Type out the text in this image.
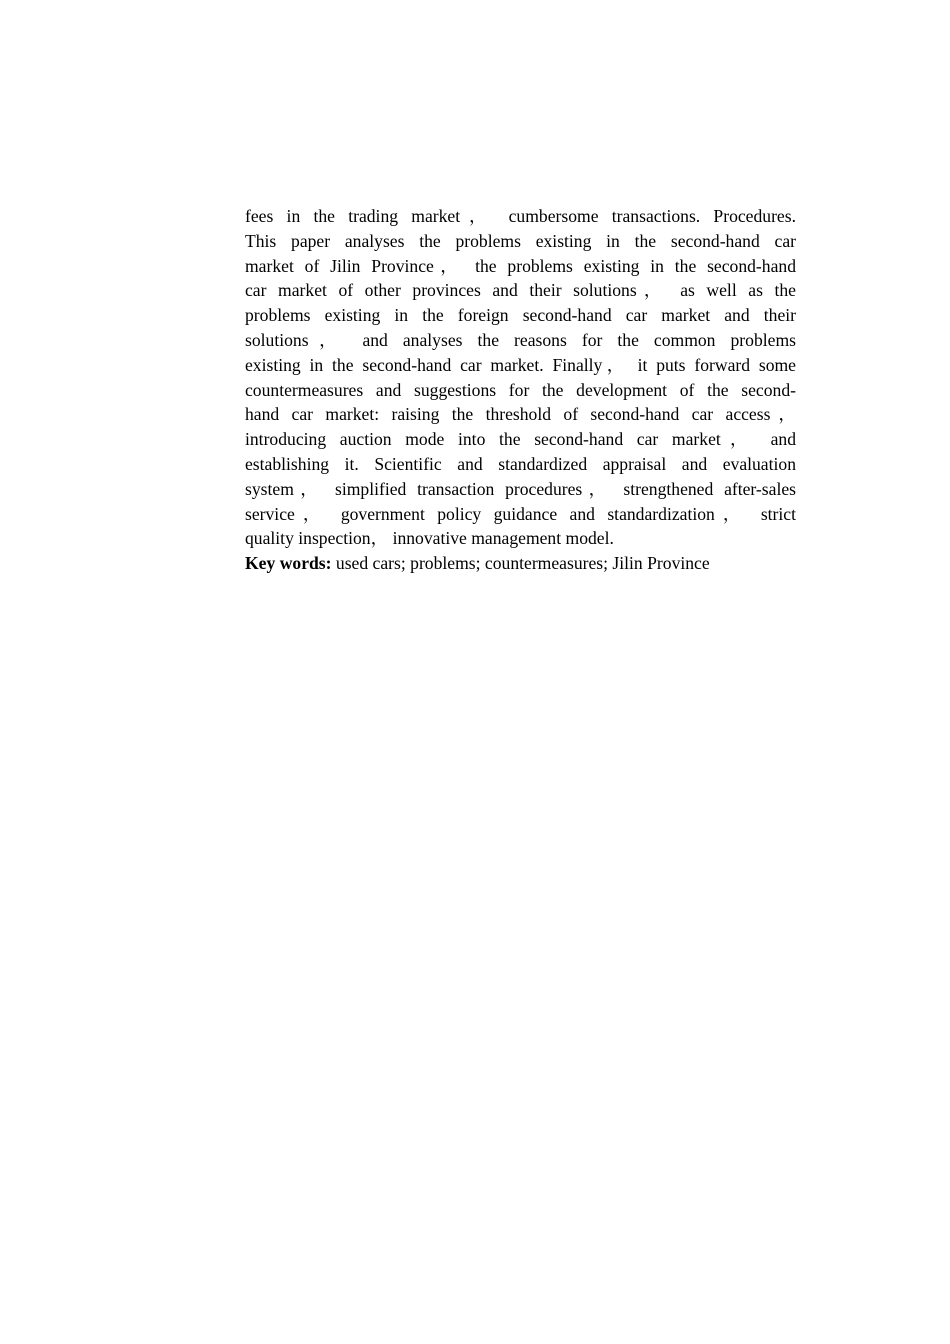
fees in the trading market， cumbersome transactions. Procedures.
This paper analyses the problems existing in the second-hand car
market of Jilin Province， the problems existing in the second-hand
car market of other provinces and their solutions， as well as the
problems existing in the foreign second-hand car market and their
solutions， and analyses the reasons for the common problems
existing in the second-hand car market. Finally， it puts forward some
countermeasures and suggestions for the development of the second-
hand car market: raising the threshold of second-hand car access，
introducing auction mode into the second-hand car market， and
establishing it. Scientific and standardized appraisal and evaluation
system， simplified transaction procedures， strengthened after-sales
service， government policy guidance and standardization， strict
quality inspection， innovative management model.
Key words: used cars; problems; countermeasures; Jilin Province
